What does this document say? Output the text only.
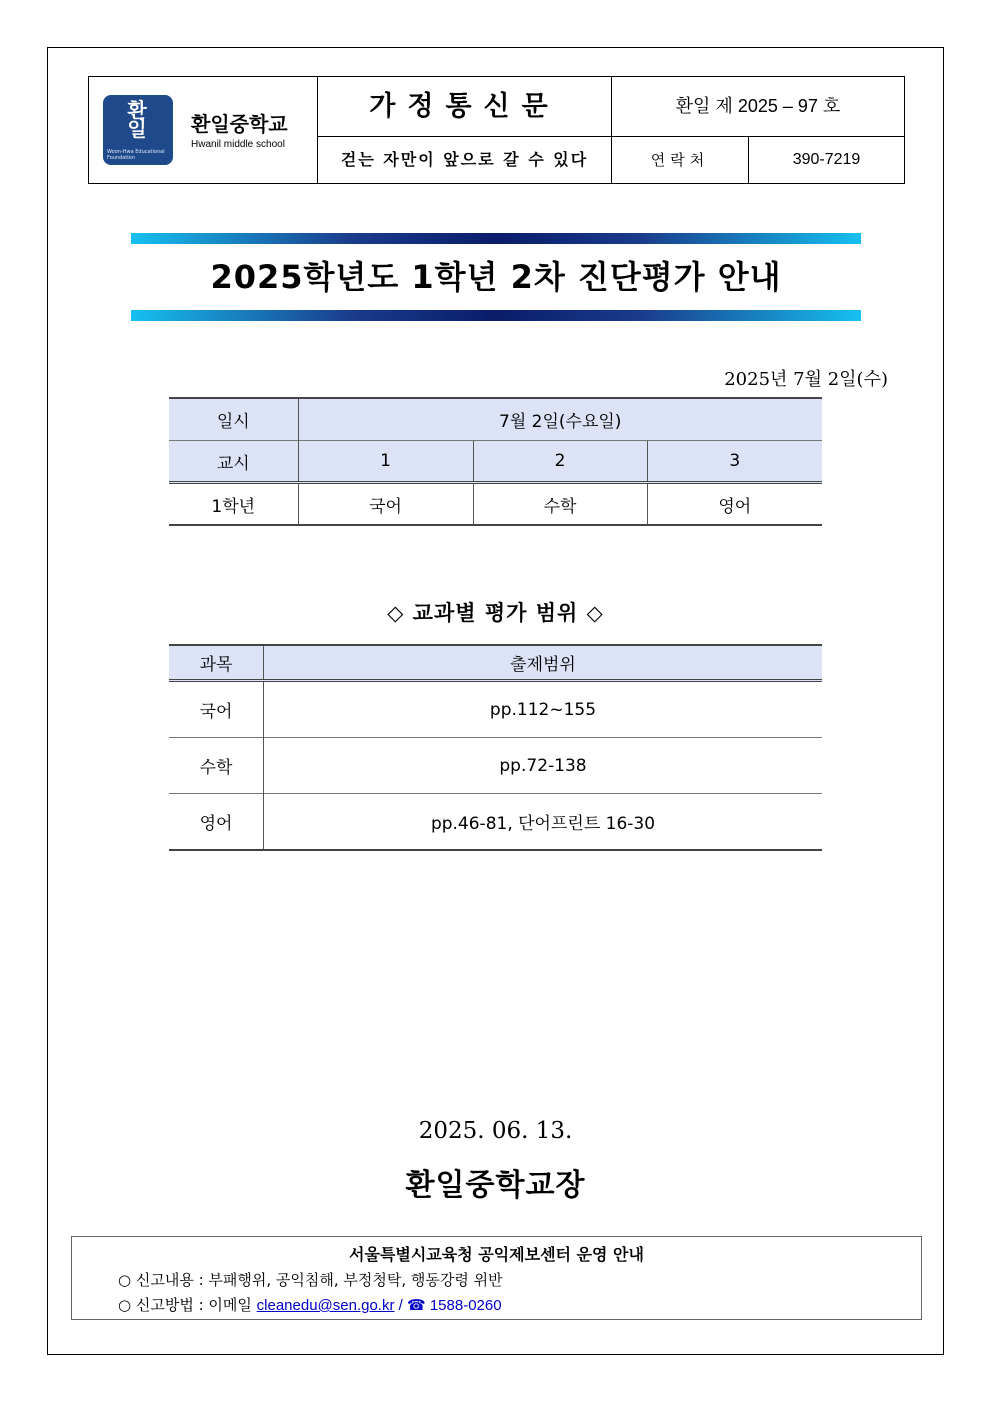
환
일
Woon-Hwa Educational Foundation
환일중학교
Hwanil middle school
가정통신문
걷는 자만이 앞으로 갈 수 있다
환일 제 2025 – 97 호
연락처	390-7219
2025학년도 1학년 2차 진단평가 안내
2025년 7월 2일(수)
일시	7월 2일(수요일)		
교시	1	2	3
1학년	국어	수학	영어
◇ 교과별 평가 범위 ◇
과목	출제범위
국어	pp.112~155
수학	pp.72-138
영어	pp.46-81, 단어프린트 16-30
2025. 06. 13.
환일중학교장
서울특별시교육청 공익제보센터 운영 안내
○ 신고내용 : 부패행위, 공익침해, 부정청탁, 행동강령 위반
○ 신고방법 : 이메일 cleanedu@sen.go.kr / ☎ 1588-0260
